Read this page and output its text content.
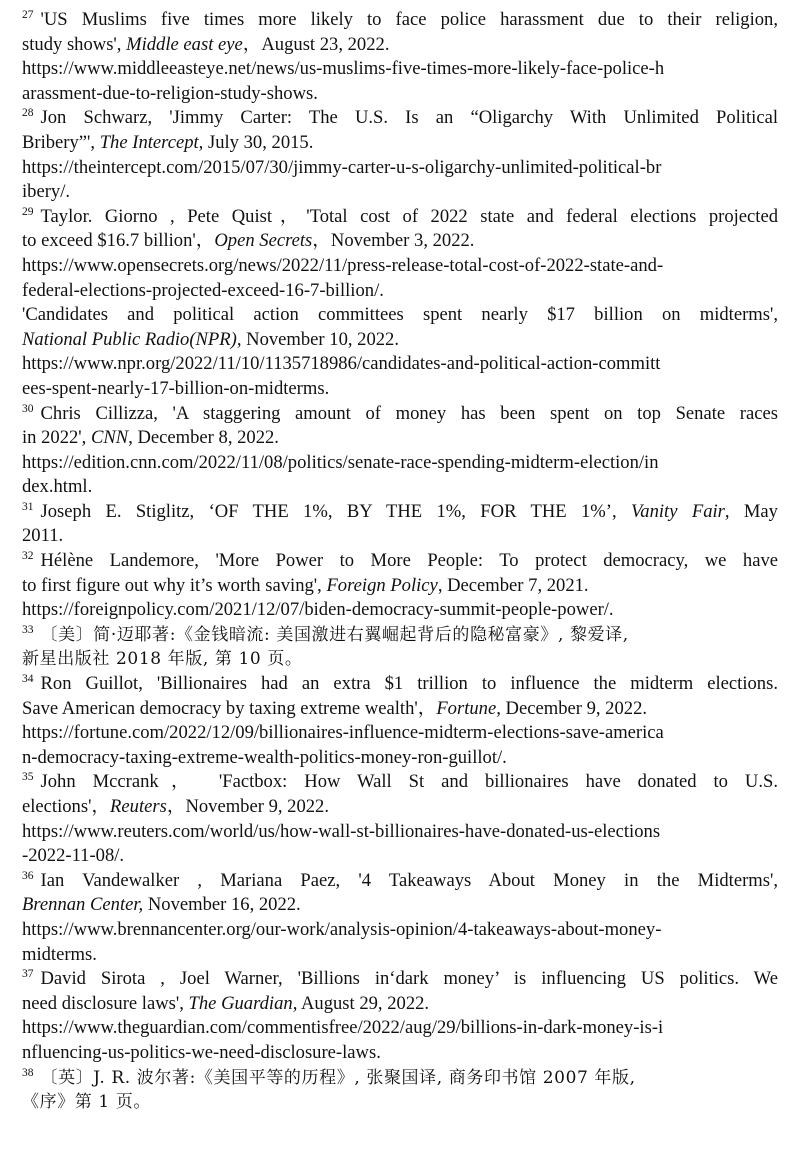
$^{27}$ 'US Muslims five times more likely to face police harassment due to their religion,
study shows', Middle east eye，August 23, 2022.
https://www.middleeasteye.net/news/us-muslims-five-times-more-likely-face-police-h
arassment-due-to-religion-study-shows.
$^{28}$ Jon Schwarz, 'Jimmy Carter: The U.S. Is an “Oligarchy With Unlimited Political
Bribery”', The Intercept, July 30, 2015.
https://theintercept.com/2015/07/30/jimmy-carter-u-s-oligarchy-unlimited-political-br
ibery/.
$^{29}$ Taylor. Giorno , Pete Quist，'Total cost of 2022 state and federal elections projected
to exceed $16.7 billion'，Open Secrets，November 3, 2022.
https://www.opensecrets.org/news/2022/11/press-release-total-cost-of-2022-state-and-
federal-elections-projected-exceed-16-7-billion/.
'Candidates and political action committees spent nearly $17 billion on midterms',
National Public Radio(NPR), November 10, 2022.
https://www.npr.org/2022/11/10/1135718986/candidates-and-political-action-committ
ees-spent-nearly-17-billion-on-midterms.
$^{30}$ Chris Cillizza, 'A staggering amount of money has been spent on top Senate races
in 2022', CNN, December 8, 2022.
https://edition.cnn.com/2022/11/08/politics/senate-race-spending-midterm-election/in
dex.html.
$^{31}$ Joseph E. Stiglitz, ‘OF THE 1%, BY THE 1%, FOR THE 1%’, Vanity Fair, May
2011.
$^{32}$ Hélène Landemore, 'More Power to More People: To protect democracy, we have
to first figure out why it’s worth saving', Foreign Policy, December 7, 2021.
https://foreignpolicy.com/2021/12/07/biden-democracy-summit-people-power/.
$^{33}$ 〔美〕简·迈耶著:《金钱暗流: 美国激进右翼崛起背后的隐秘富豪》, 黎爱译,
新星出版社 2018 年版, 第 10 页。
$^{34}$ Ron Guillot, 'Billionaires had an extra $1 trillion to influence the midterm elections.
Save American democracy by taxing extreme wealth'，Fortune, December 9, 2022.
https://fortune.com/2022/12/09/billionaires-influence-midterm-elections-save-america
n-democracy-taxing-extreme-wealth-politics-money-ron-guillot/.
$^{35}$ John Mccrank， 'Factbox: How Wall St and billionaires have donated to U.S.
elections'，Reuters，November 9, 2022.
https://www.reuters.com/world/us/how-wall-st-billionaires-have-donated-us-elections
-2022-11-08/.
$^{36}$ Ian Vandewalker , Mariana Paez, '4 Takeaways About Money in the Midterms',
Brennan Center, November 16, 2022.
https://www.brennancenter.org/our-work/analysis-opinion/4-takeaways-about-money-
midterms.
$^{37}$ David Sirota , Joel Warner, 'Billions in‘dark money’ is influencing US politics. We
need disclosure laws', The Guardian, August 29, 2022.
https://www.theguardian.com/commentisfree/2022/aug/29/billions-in-dark-money-is-i
nfluencing-us-politics-we-need-disclosure-laws.
$^{38}$ 〔英〕J. R. 波尔著:《美国平等的历程》, 张聚国译, 商务印书馆 2007 年版,
《序》第 1 页。
